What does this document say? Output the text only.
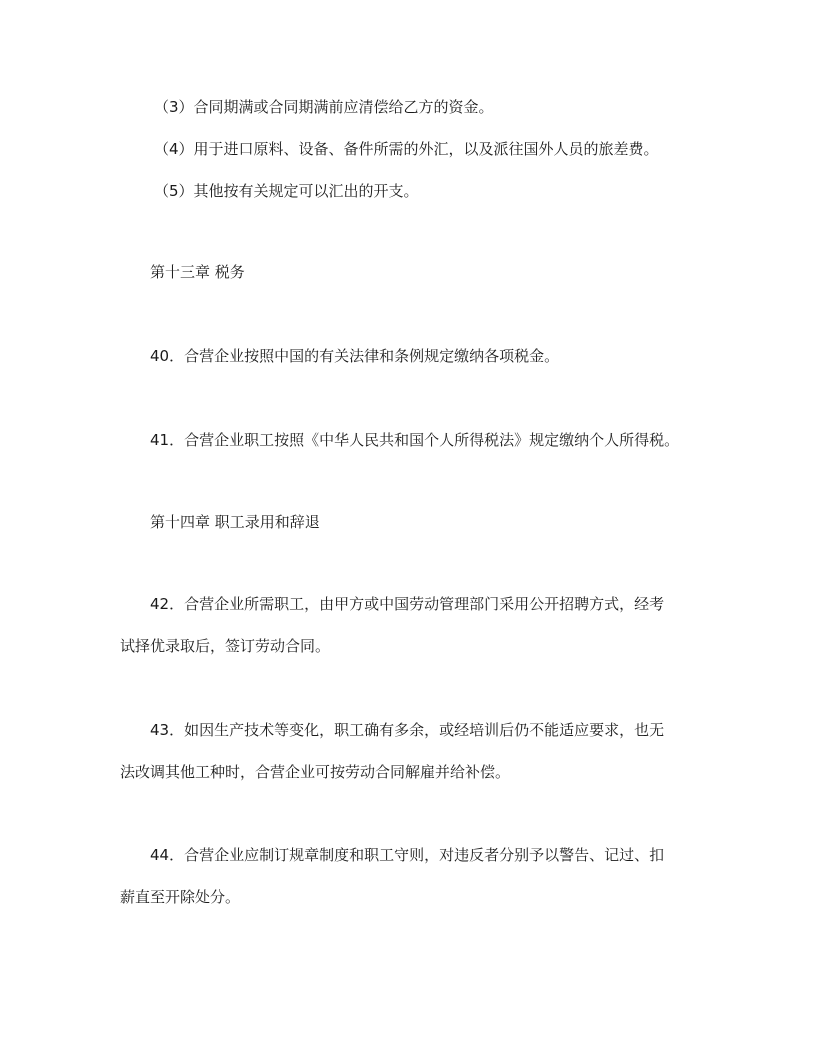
（3）合同期满或合同期满前应清偿给乙方的资金。
（4）用于进口原料、设备、备件所需的外汇，以及派往国外人员的旅差费。
（5）其他按有关规定可以汇出的开支。
第十三章 税务
40．合营企业按照中国的有关法律和条例规定缴纳各项税金。
41．合营企业职工按照《中华人民共和国个人所得税法》规定缴纳个人所得税。
第十四章 职工录用和辞退
42．合营企业所需职工，由甲方或中国劳动管理部门采用公开招聘方式，经考
试择优录取后，签订劳动合同。
43．如因生产技术等变化，职工确有多余，或经培训后仍不能适应要求，也无
法改调其他工种时，合营企业可按劳动合同解雇并给补偿。
44．合营企业应制订规章制度和职工守则，对违反者分别予以警告、记过、扣
薪直至开除处分。
